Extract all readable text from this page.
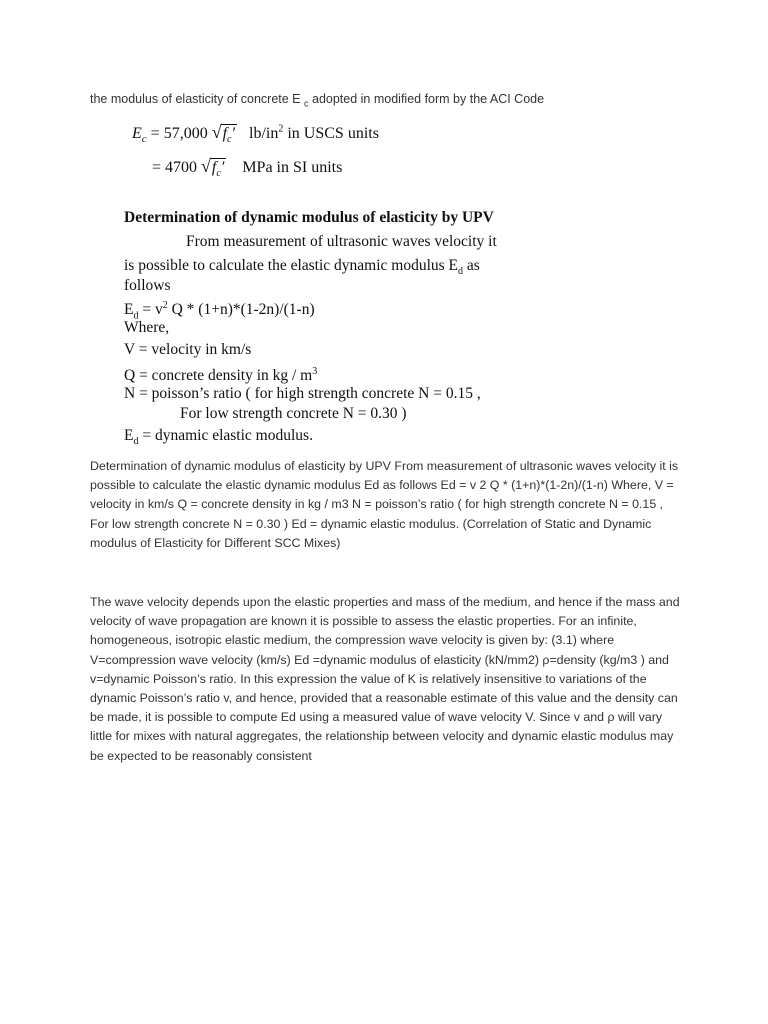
the modulus of elasticity of concrete E $_c$ adopted in modified form by the ACI Code
$E_c = 57,000$ $√f_c'$ $lb/in^2$ in USCS units
= 4700 $√f_c'$ MPa in SI units
Determination of dynamic modulus of elasticity by UPV
From measurement of ultrasonic waves velocity it
is possible to calculate the elastic dynamic modulus $E_d$ as
follows
$E_d = v^2$ Q * (1+n)*(1-2n)/(1-n)
Where,
V = velocity in km/s
Q = concrete density in kg / $m^3$
N = poisson’s ratio ( for high strength concrete N = 0.15 ,
For low strength concrete N = 0.30 )
$E_d$ = dynamic elastic modulus.

Determination of dynamic modulus of elasticity by UPV From measurement of ultrasonic waves velocity it is possible to calculate the elastic dynamic modulus Ed as follows Ed = v 2 Q * (1+n)*(1-2n)/(1-n) Where, V = velocity in km/s Q = concrete density in kg / m3 N = poisson’s ratio ( for high strength concrete N = 0.15 , For low strength concrete N = 0.30 ) Ed = dynamic elastic modulus. (Correlation of Static and Dynamic modulus of Elasticity for Different SCC Mixes)

The wave velocity depends upon the elastic properties and mass of the medium, and hence if the mass and velocity of wave propagation are known it is possible to assess the elastic properties. For an infinite, homogeneous, isotropic elastic medium, the compression wave velocity is given by: (3.1) where V=compression wave velocity (km/s) Ed =dynamic modulus of elasticity (kN/mm2) ρ=density (kg/m3 ) and v=dynamic Poisson’s ratio. In this expression the value of K is relatively insensitive to variations of the dynamic Poisson’s ratio v, and hence, provided that a reasonable estimate of this value and the density can be made, it is possible to compute Ed using a measured value of wave velocity V. Since v and ρ will vary little for mixes with natural aggregates, the relationship between velocity and dynamic elastic modulus may be expected to be reasonably consistent
